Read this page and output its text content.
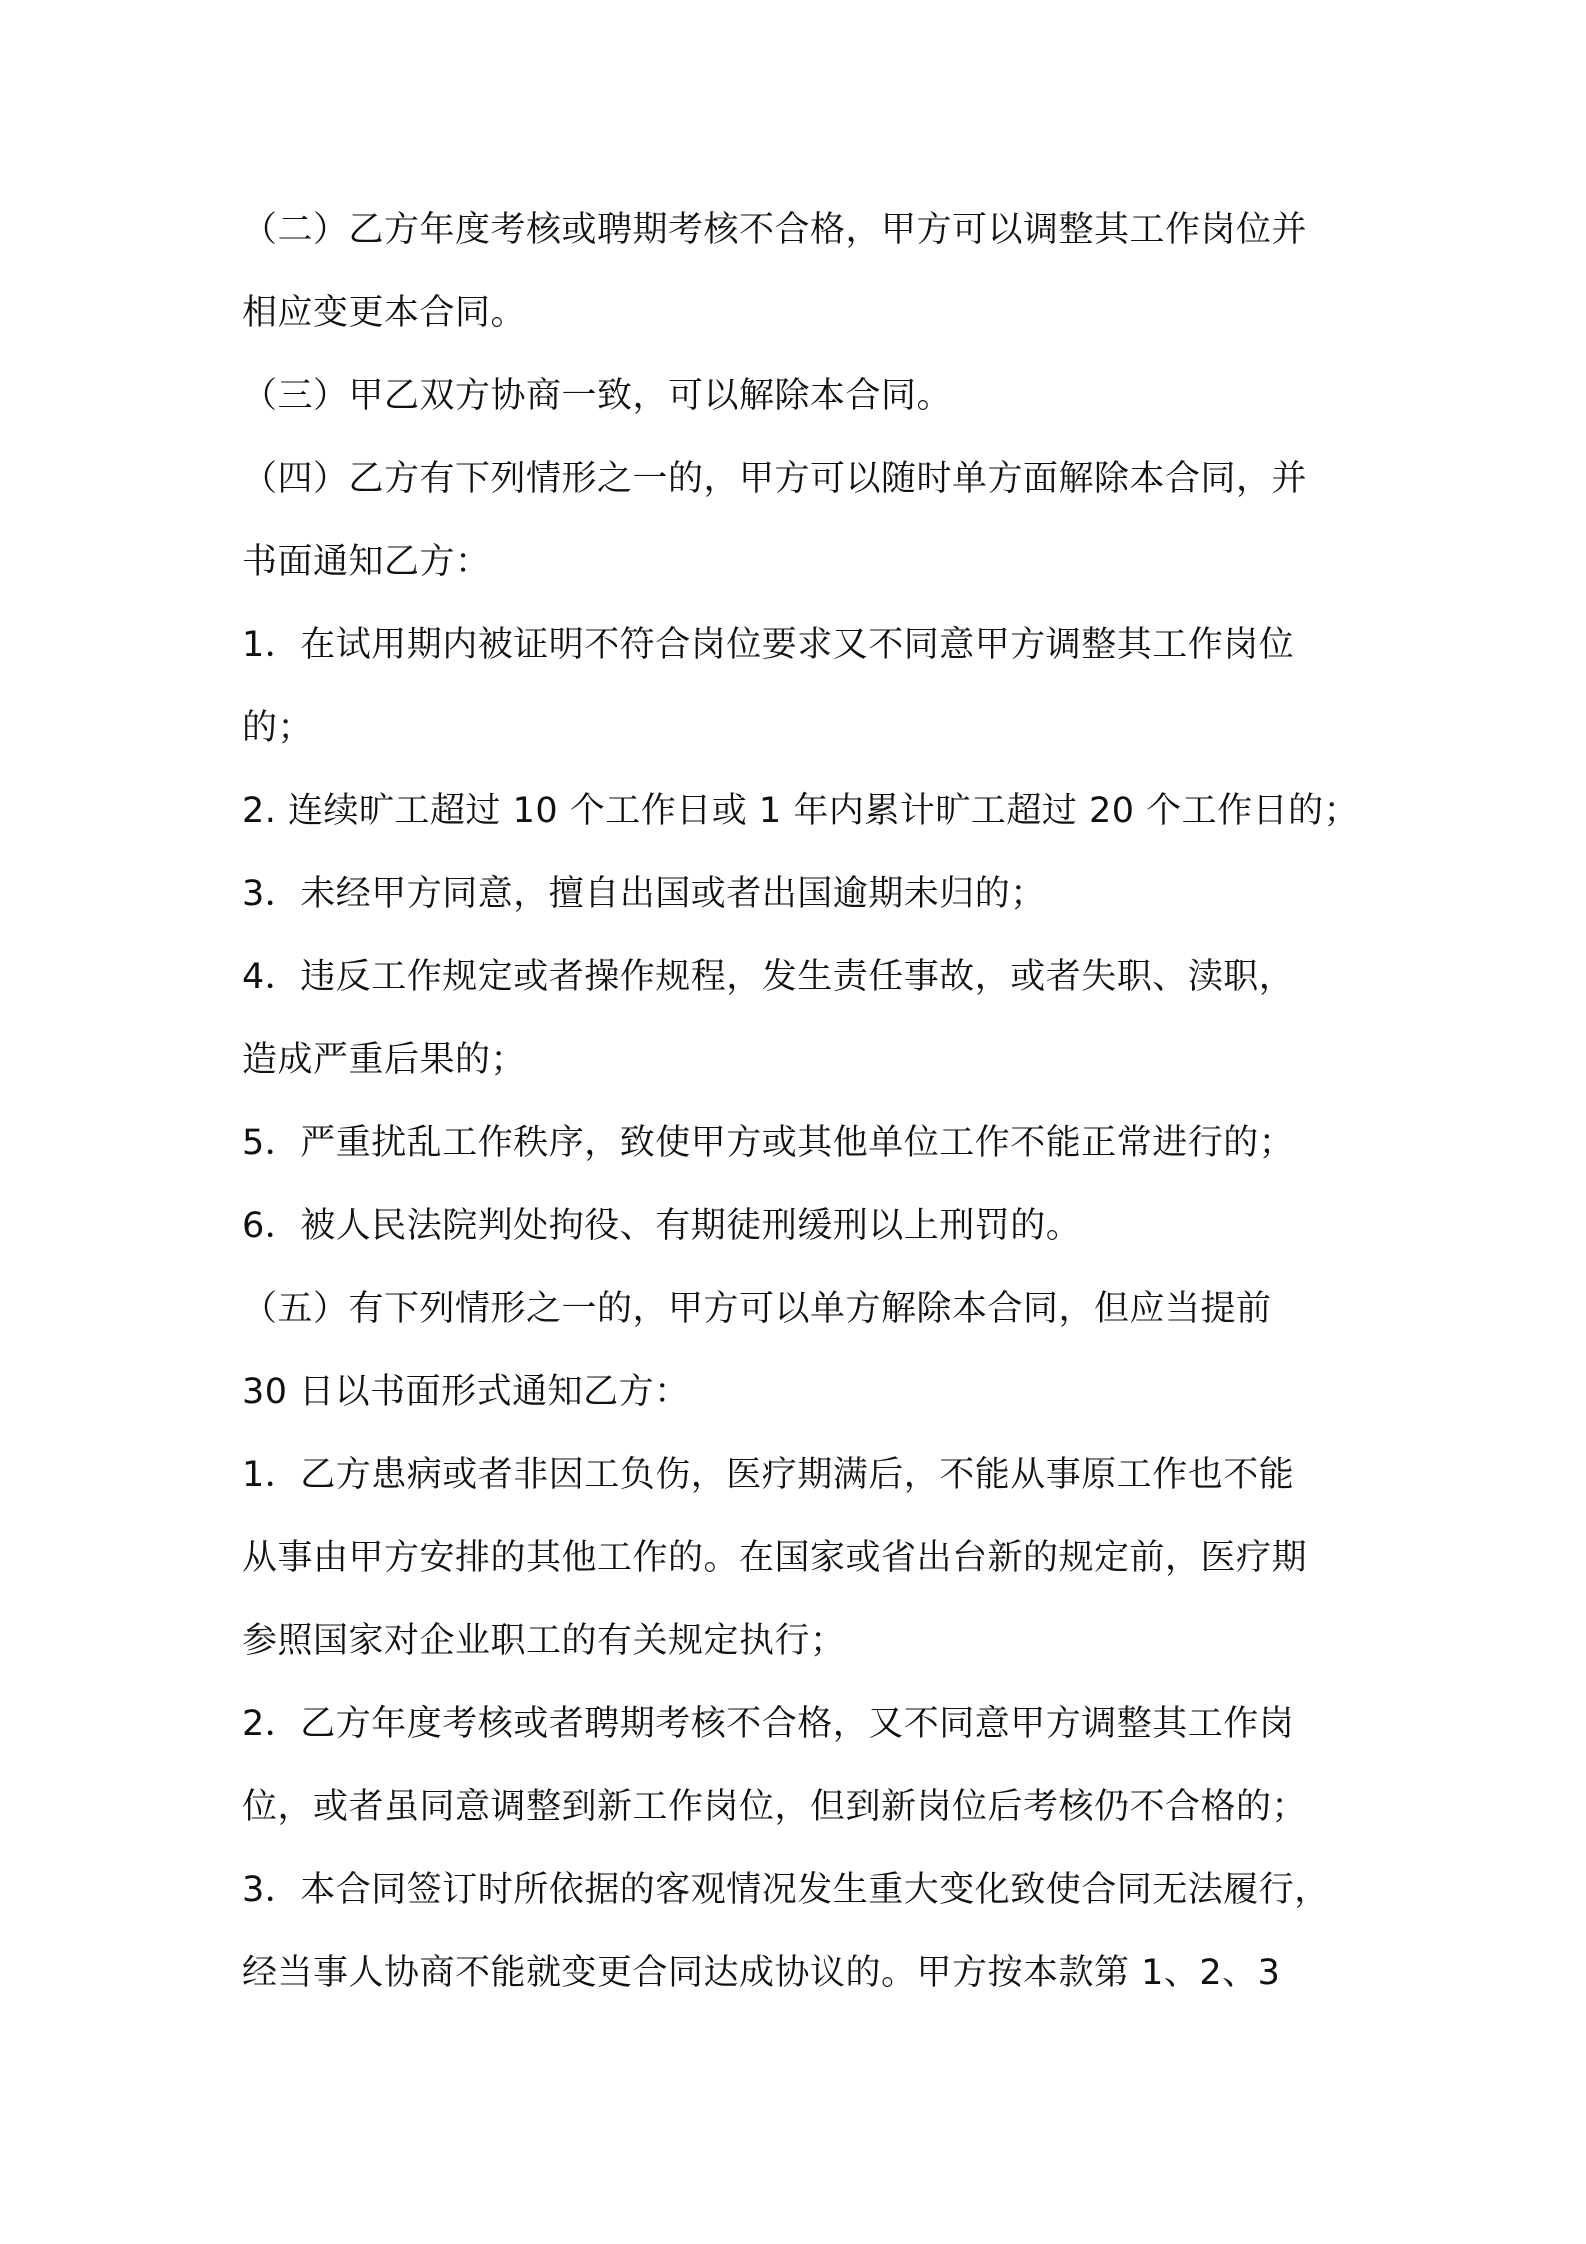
（二）乙方年度考核或聘期考核不合格，甲方可以调整其工作岗位并
相应变更本合同。
（三）甲乙双方协商一致，可以解除本合同。
（四）乙方有下列情形之一的，甲方可以随时单方面解除本合同，并
书面通知乙方：
1．在试用期内被证明不符合岗位要求又不同意甲方调整其工作岗位
的；
2. 连续旷工超过 10 个工作日或 1 年内累计旷工超过 20 个工作日的；
3．未经甲方同意，擅自出国或者出国逾期未归的；
4．违反工作规定或者操作规程，发生责任事故，或者失职、渎职，
造成严重后果的；
5．严重扰乱工作秩序，致使甲方或其他单位工作不能正常进行的；
6．被人民法院判处拘役、有期徒刑缓刑以上刑罚的。
（五）有下列情形之一的，甲方可以单方解除本合同，但应当提前
30 日以书面形式通知乙方：
1．乙方患病或者非因工负伤，医疗期满后，不能从事原工作也不能
从事由甲方安排的其他工作的。在国家或省出台新的规定前，医疗期
参照国家对企业职工的有关规定执行；
2．乙方年度考核或者聘期考核不合格，又不同意甲方调整其工作岗
位，或者虽同意调整到新工作岗位，但到新岗位后考核仍不合格的；
3．本合同签订时所依据的客观情况发生重大变化致使合同无法履行，
经当事人协商不能就变更合同达成协议的。甲方按本款第 1、2、3
